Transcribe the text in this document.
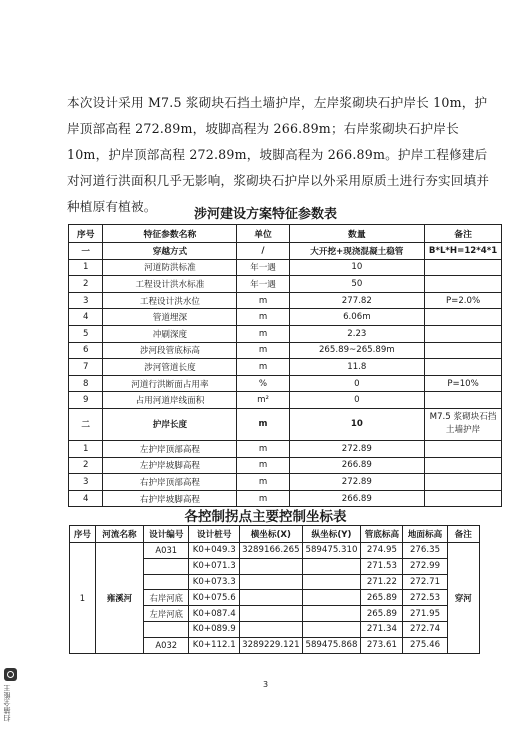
本次设计采用 M7.5 浆砌块石挡土墙护岸，左岸浆砌块石护岸长 10m，护岸顶部高程 272.89m，坡脚高程为 266.89m；右岸浆砌块石护岸长 10m，护岸顶部高程 272.89m，坡脚高程为 266.89m。护岸工程修建后对河道行洪面积几乎无影响，浆砌块石护岸以外采用原质土进行夯实回填并种植原有植被。

涉河建设方案特征参数表
序号	特征参数名称	单位	数量	备注
一	穿越方式	/	大开挖+现浇混凝土稳管	B*L*H=12*4*1
1	河道防洪标准	年一遇	10	
2	工程设计洪水标准	年一遇	50	
3	工程设计洪水位	m	277.82	P=2.0%
4	管道埋深	m	6.06m	
5	冲刷深度	m	2.23	
6	涉河段管底标高	m	265.89~265.89m	
7	涉河管道长度	m	11.8	
8	河道行洪断面占用率	%	0	P=10%
9	占用河道岸线面积	m²	0	
二	护岸长度	m	10	M7.5 浆砌块石挡土墙护岸
1	左护岸顶部高程	m	272.89	
2	左护岸坡脚高程	m	266.89	
3	右护岸顶部高程	m	272.89	
4	右护岸坡脚高程	m	266.89	
各控制拐点主要控制坐标表
序号	河流名称	设计编号	设计桩号	横坐标(X)	纵坐标(Y)	管底标高	地面标高	备注
1	雍溪河	A031	K0+049.3	3289166.265	589475.310	274.95	276.35	穿河
			K0+071.3			271.53	272.99	
			K0+073.3			271.22	272.71	
		右岸河底	K0+075.6			265.89	272.53	
		左岸河底	K0+087.4			265.89	271.95	
			K0+089.9			271.34	272.74	
		A032	K0+112.1	3289229.121	589475.868	273.61	275.46	
3
扫描全能王
